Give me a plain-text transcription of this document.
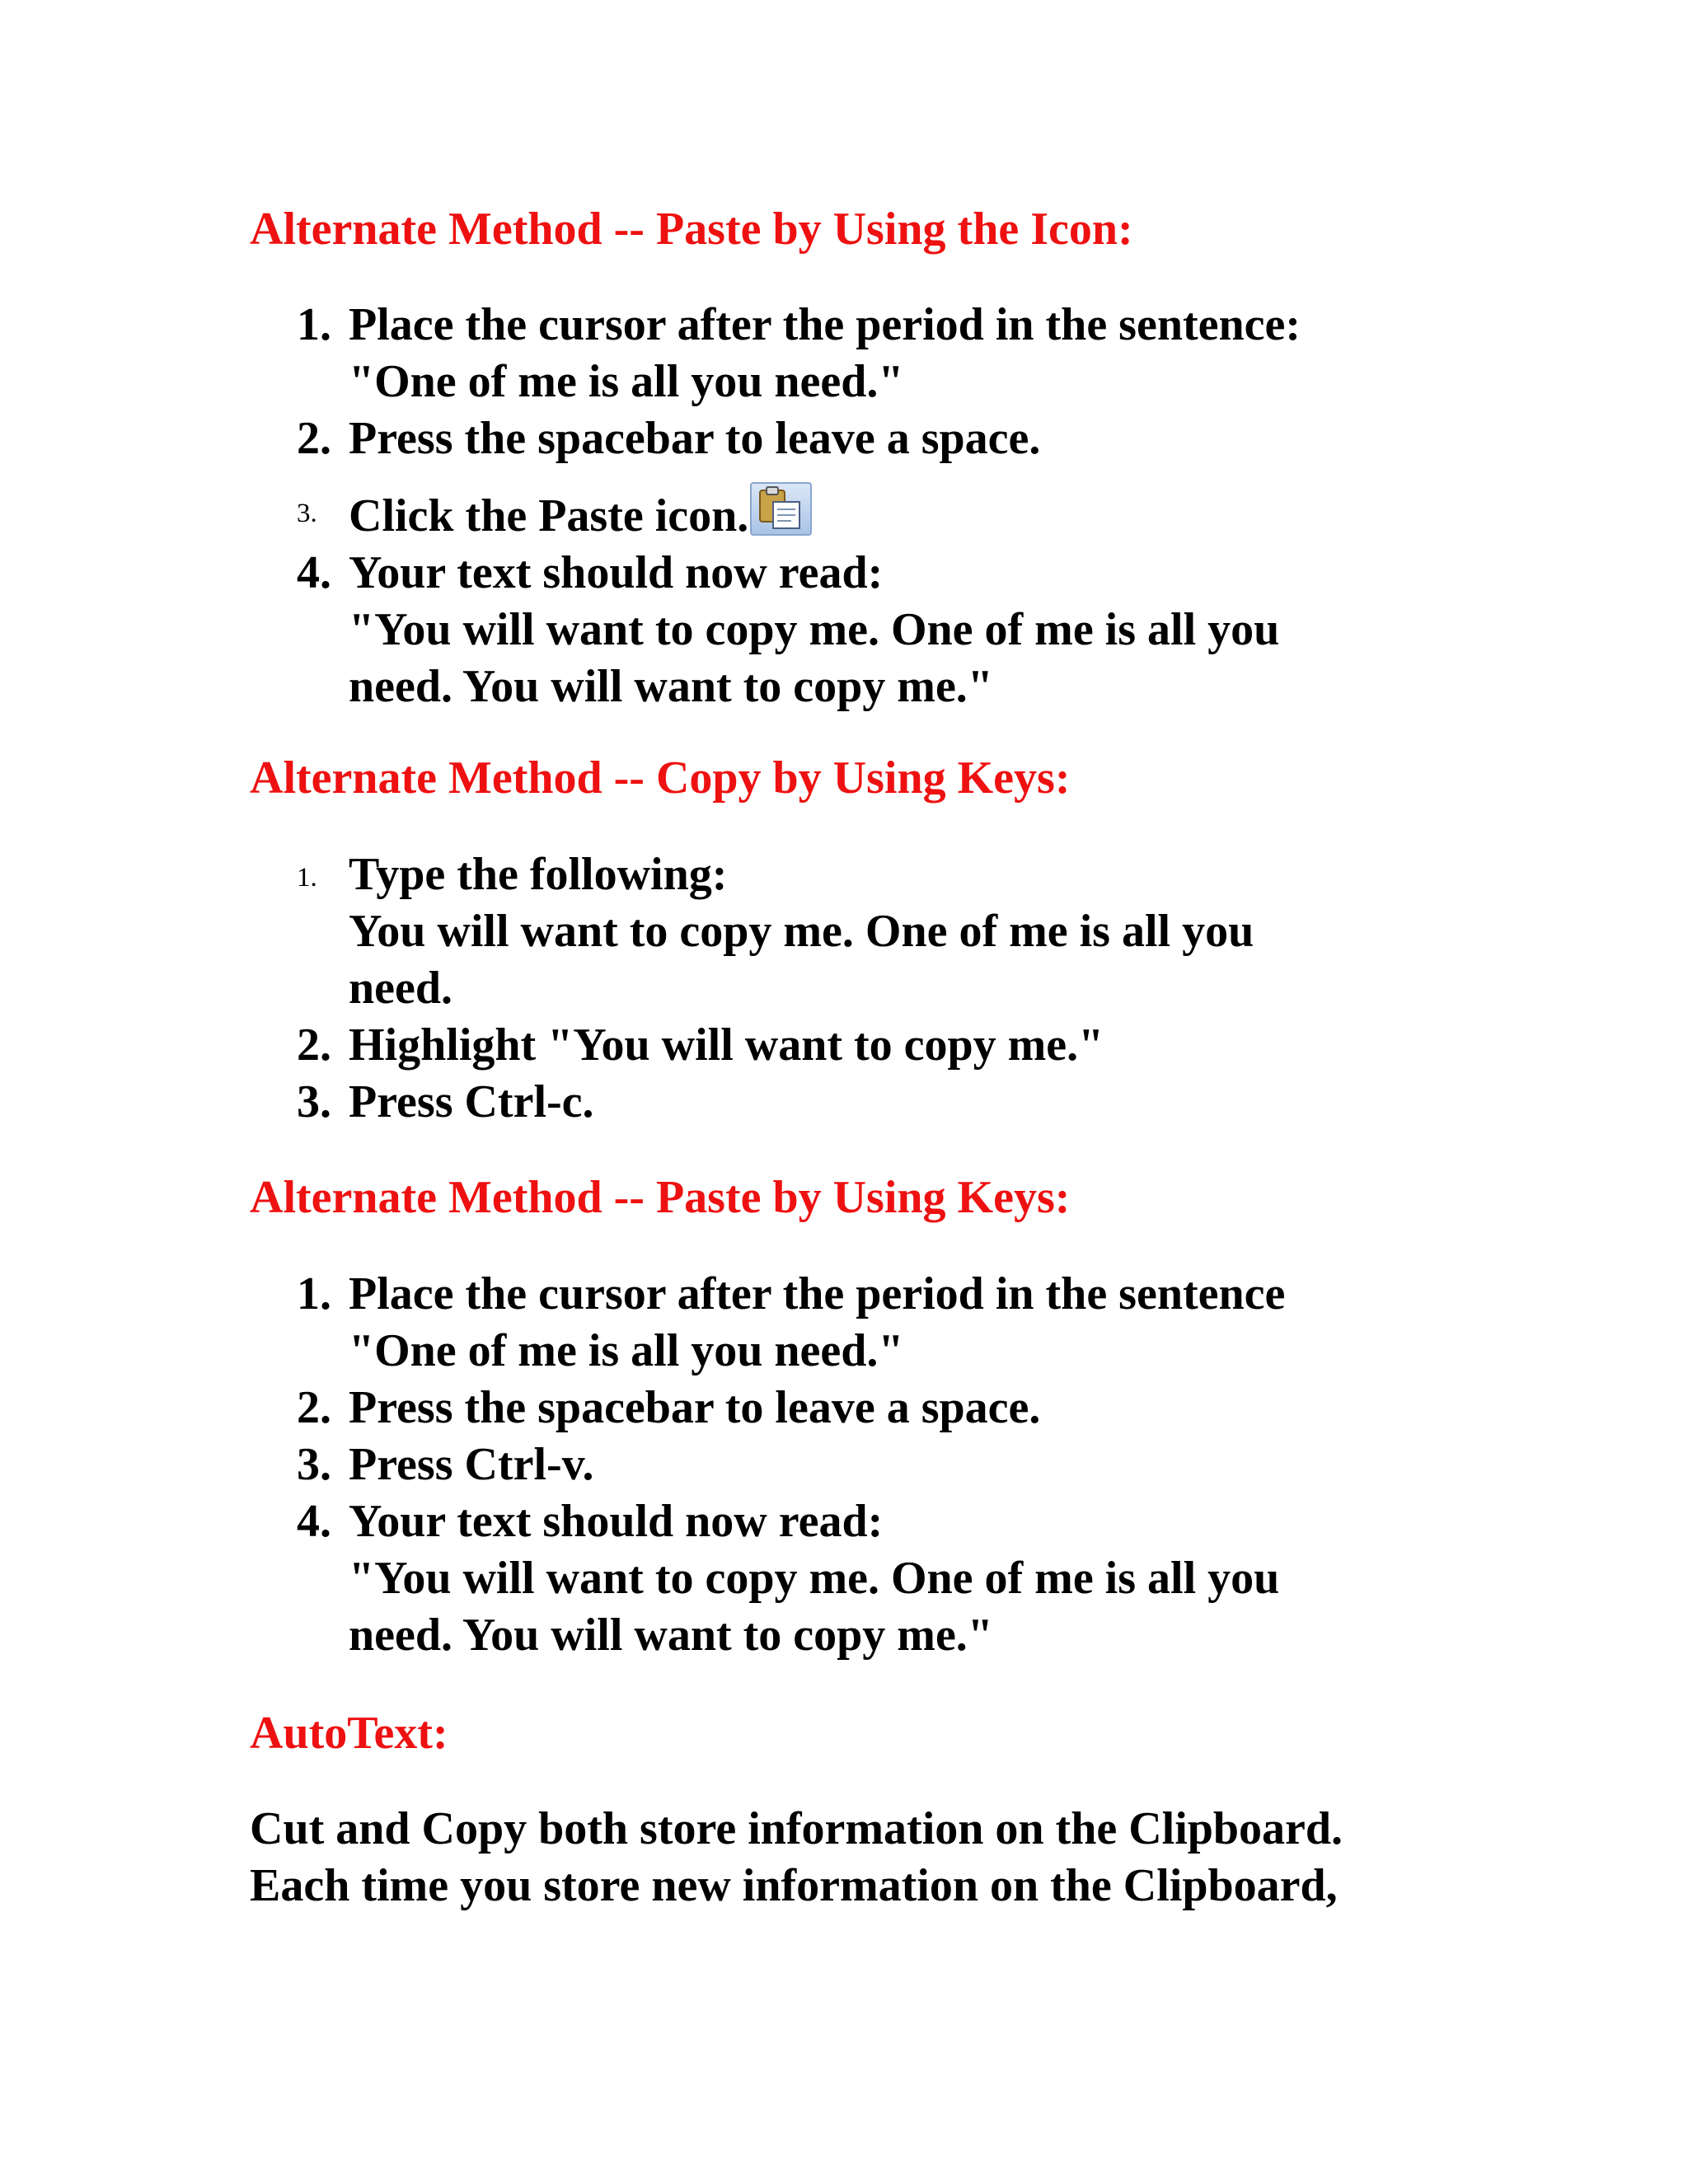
Alternate Method -- Paste by Using the Icon:
1. Place the cursor after the period in the sentence:
"One of me is all you need."
2. Press the spacebar to leave a space.
3. Click the Paste icon.
4. Your text should now read:
"You will want to copy me. One of me is all you
need. You will want to copy me."
Alternate Method -- Copy by Using Keys:
1. Type the following:
You will want to copy me. One of me is all you
need.
2. Highlight "You will want to copy me."
3. Press Ctrl-c.
Alternate Method -- Paste by Using Keys:
1. Place the cursor after the period in the sentence
"One of me is all you need."
2. Press the spacebar to leave a space.
3. Press Ctrl-v.
4. Your text should now read:
"You will want to copy me. One of me is all you
need. You will want to copy me."
AutoText:

Cut and Copy both store information on the Clipboard.
Each time you store new information on the Clipboard,
